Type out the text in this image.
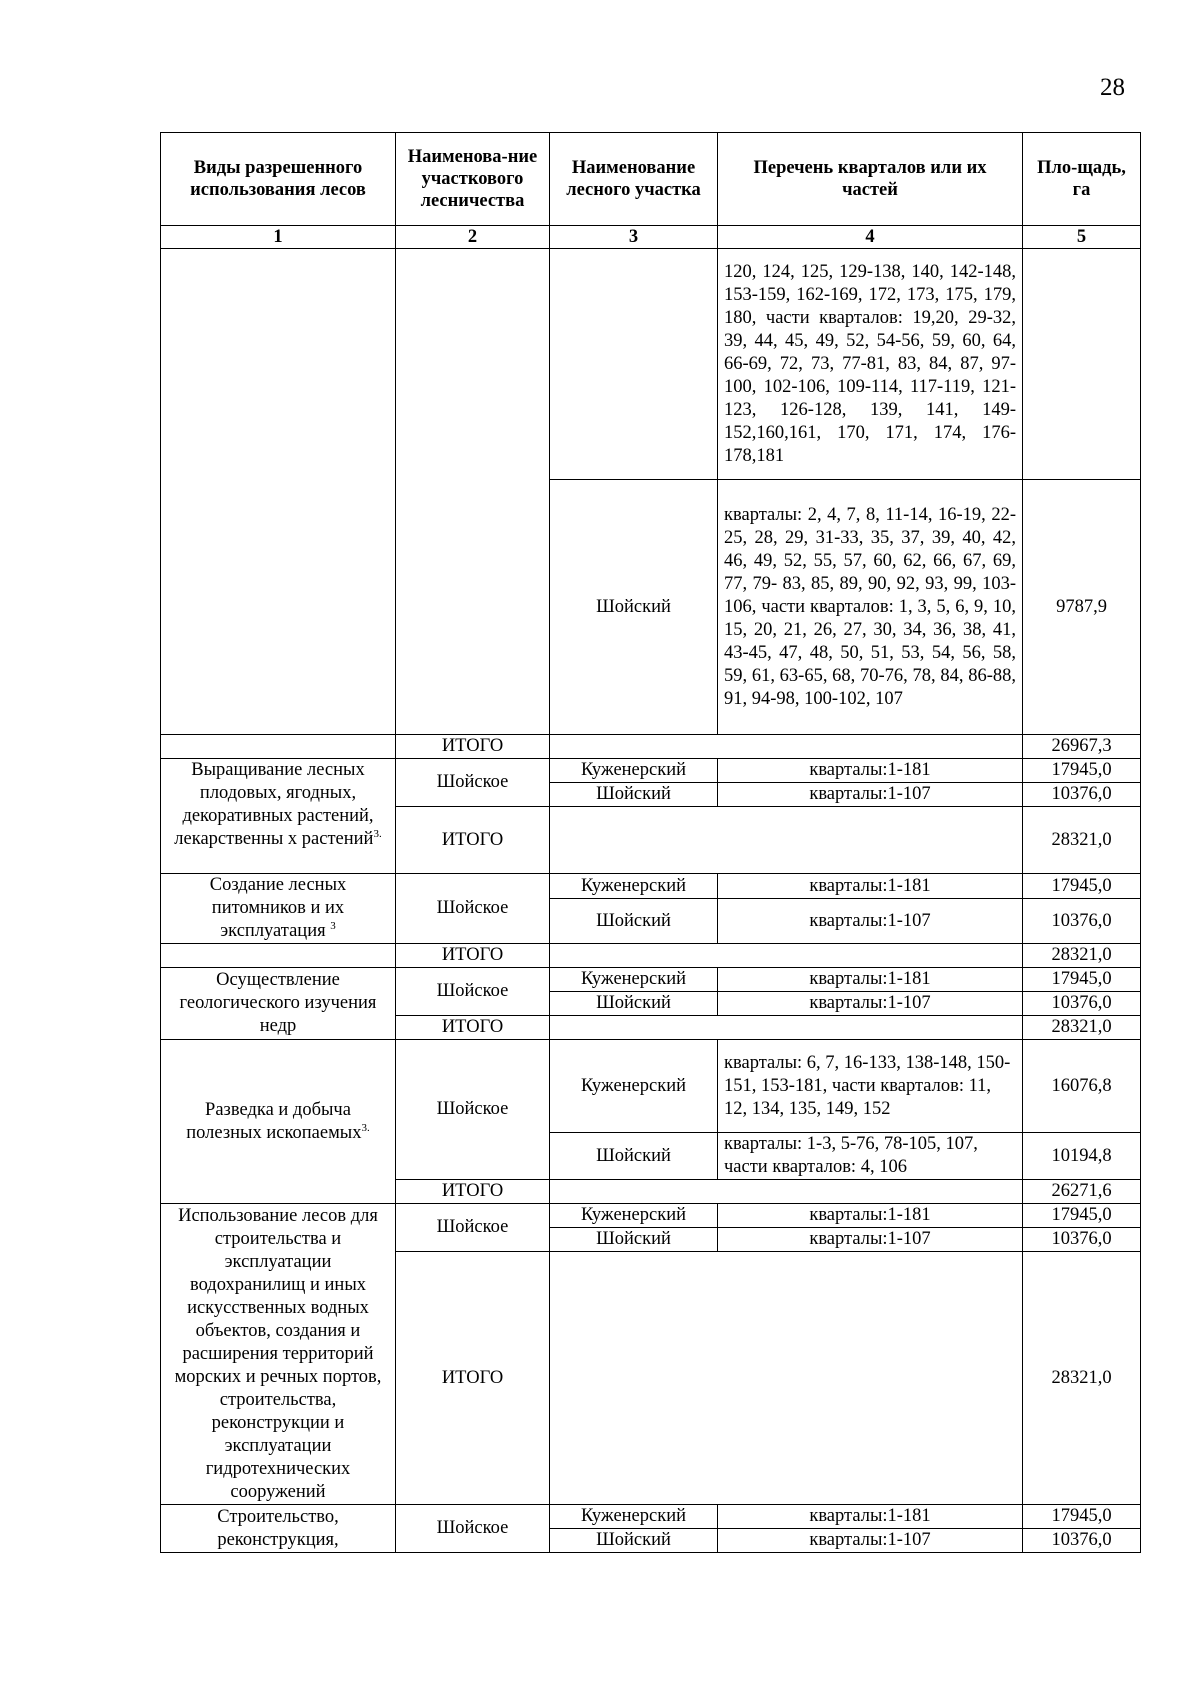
28
Виды разрешенного использования лесов	Наименова-ние участкового лесничества	Наименование лесного участка	Перечень кварталов или их частей	Пло-щадь, га
1	2	3	4	5
			120, 124, 125, 129-138, 140, 142-148, 153-159, 162-169, 172, 173, 175, 179, 180, части кварталов: 19,20, 29-32, 39, 44, 45, 49, 52, 54-56, 59, 60, 64, 66-69, 72, 73, 77-81, 83, 84, 87, 97-100, 102-106, 109-114, 117-119, 121-123, 126-128, 139, 141, 149-152,160,161, 170, 171, 174, 176-178,181	
		Шойский	кварталы: 2, 4, 7, 8, 11-14, 16-19, 22-25, 28, 29, 31-33, 35, 37, 39, 40, 42, 46, 49, 52, 55, 57, 60, 62, 66, 67, 69, 77, 79- 83, 85, 89, 90, 92, 93, 99, 103-106, части кварталов: 1, 3, 5, 6, 9, 10, 15, 20, 21, 26, 27, 30, 34, 36, 38, 41, 43-45, 47, 48, 50, 51, 53, 54, 56, 58, 59, 61, 63-65, 68, 70-76, 78, 84, 86-88, 91, 94-98, 100-102, 107	9787,9
	ИТОГО			26967,3
Выращивание лесных плодовых, ягодных, декоративных растений, лекарственны х растений$^{3.}$	Шойское	Куженерский	кварталы:1-181	17945,0
		Шойский	кварталы:1-107	10376,0
	ИТОГО			28321,0
Создание лесных питомников и их эксплуатация $^3$	Шойское	Куженерский	кварталы:1-181	17945,0
		Шойский	кварталы:1-107	10376,0
	ИТОГО			28321,0
Осуществление геологического изучения недр	Шойское	Куженерский	кварталы:1-181	17945,0
		Шойский	кварталы:1-107	10376,0
	ИТОГО			28321,0
Разведка и добыча полезных ископаемых$^{3.}$	Шойское	Куженерский	кварталы: 6, 7, 16-133, 138-148, 150-151, 153-181, части кварталов: 11, 12, 134, 135, 149, 152	16076,8
		Шойский	кварталы: 1-3, 5-76, 78-105, 107, части кварталов: 4, 106	10194,8
	ИТОГО			26271,6
Использование лесов для строительства и эксплуатации водохранилищ и иных искусственных водных объектов, создания и расширения территорий морских и речных портов, строительства, реконструкции и эксплуатации гидротехнических сооружений	Шойское	Куженерский	кварталы:1-181	17945,0
		Шойский	кварталы:1-107	10376,0
	ИТОГО			28321,0
Строительство, реконструкция,	Шойское	Куженерский	кварталы:1-181	17945,0
		Шойский	кварталы:1-107	10376,0
